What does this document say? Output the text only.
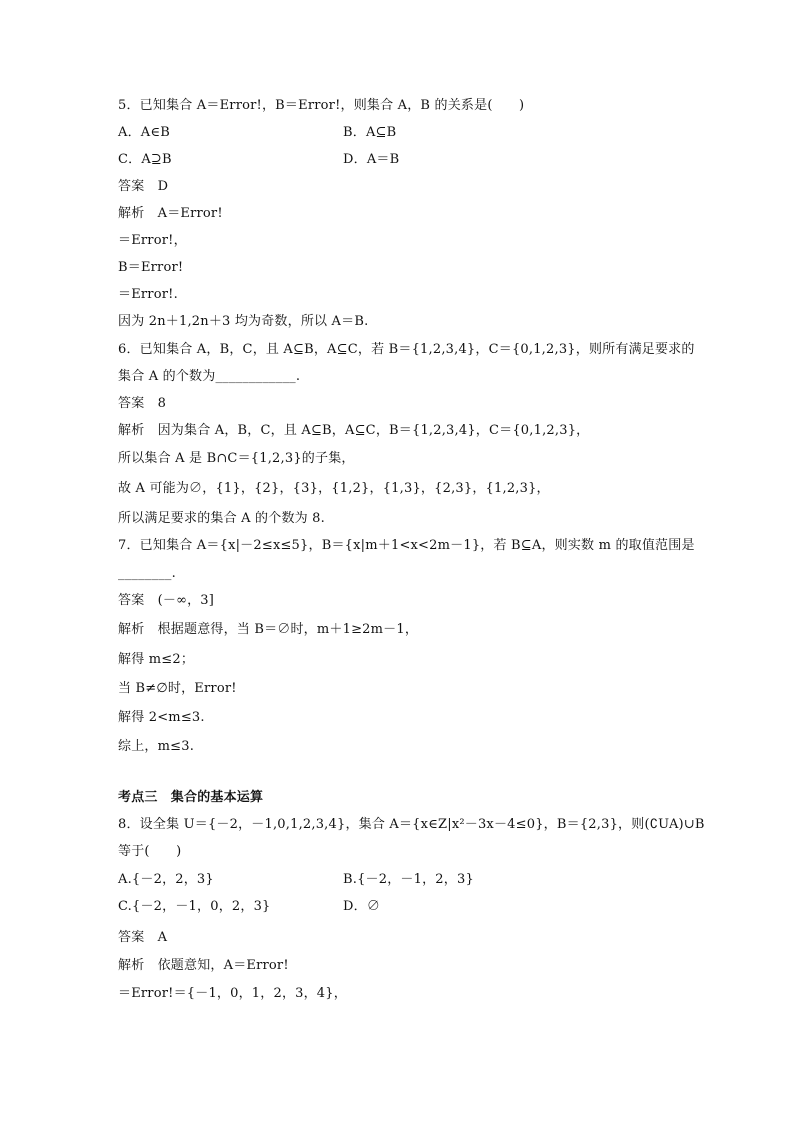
5．已知集合 A＝Error!，B＝Error!，则集合 A，B 的关系是(　　)
A．A∈B	B．A⊆B
C．A⊇B	D．A＝B
答案　D
解析　A＝Error!
＝Error!，
B＝Error!
＝Error!.
因为 2n＋1,2n＋3 均为奇数，所以 A＝B.
6．已知集合 A，B，C，且 A⊆B，A⊆C，若 B＝{1,2,3,4}，C＝{0,1,2,3}，则所有满足要求的
集合 A 的个数为____________.
答案　8
解析　因为集合 A，B，C，且 A⊆B，A⊆C，B＝{1,2,3,4}，C＝{0,1,2,3}，
所以集合 A 是 B∩C＝{1,2,3}的子集，
故 A 可能为∅，{1}，{2}，{3}，{1,2}，{1,3}，{2,3}，{1,2,3}，
所以满足要求的集合 A 的个数为 8.
7．已知集合 A＝{x|－2≤x≤5}，B＝{x|m＋1<x<2m－1}，若 B⊆A，则实数 m 的取值范围是
________.
答案　(－∞，3]
解析　根据题意得，当 B＝∅时，m＋1≥2m－1，
解得 m≤2；
当 B≠∅时，Error!
解得 2<m≤3.
综上，m≤3.
考点三　集合的基本运算
8．设全集 U＝{－2，－1,0,1,2,3,4}，集合 A＝{x∈Z|x²－3x－4≤0}，B＝{2,3}，则(∁UA)∪B
等于(　　)
A.{－2，2，3}	B.{－2，－1，2，3}
C.{－2，－1，0，2，3}	D．∅
答案　A
解析　依题意知，A＝Error!
＝Error!＝{－1，0，1，2，3，4}，
